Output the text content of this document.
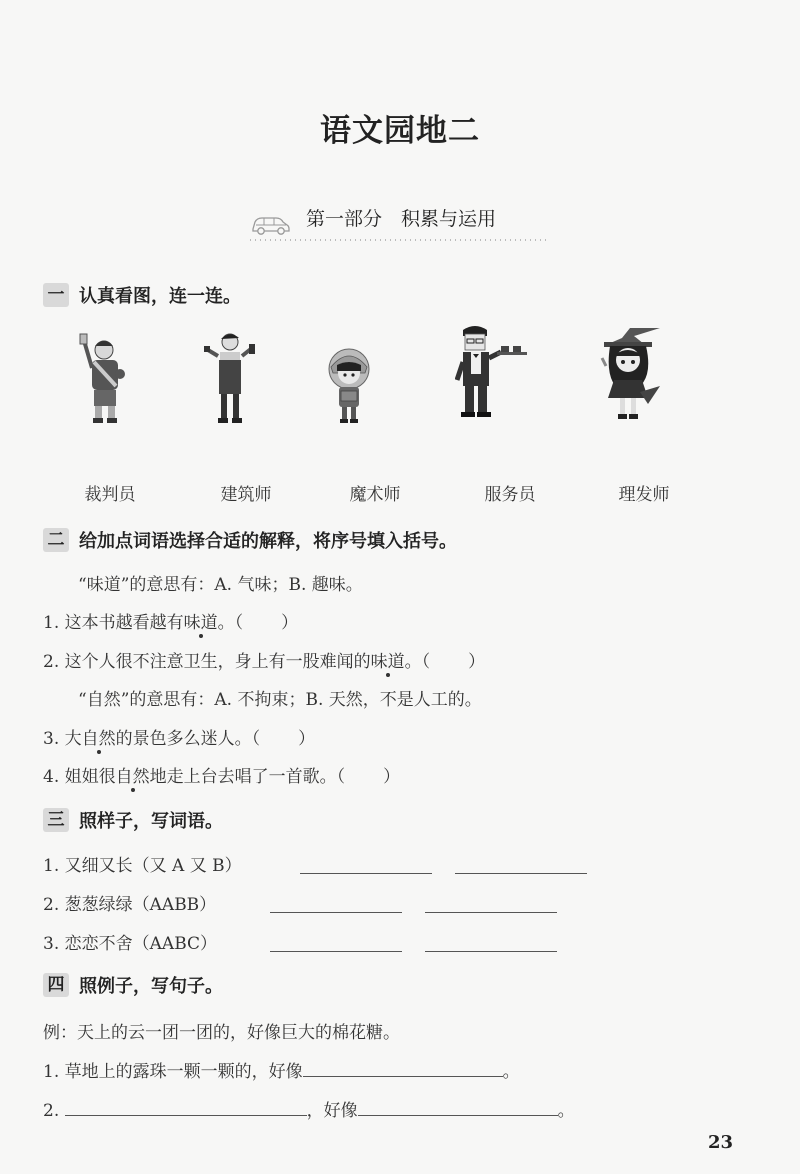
语文园地二
第一部分　积累与运用
一 认真看图，连一连。
裁判员	建筑师	魔术师	服务员	理发师
二 给加点词语选择合适的解释，将序号填入括号。
“味道”的意思有：A. 气味；B. 趣味。
1. 这本书越看越有味道。（ ）
2. 这个人很不注意卫生，身上有一股难闻的味道。（ ）
“自然”的意思有：A. 不拘束；B. 天然，不是人工的。
3. 大自然的景色多么迷人。（ ）
4. 姐姐很自然地走上台去唱了一首歌。（ ）
三 照样子，写词语。
1. 又细又长（又 A 又 B）
2. 葱葱绿绿（AABB）
3. 恋恋不舍（AABC）
四 照例子，写句子。
例：天上的云一团一团的，好像巨大的棉花糖。
1. 草地上的露珠一颗一颗的，好像	。
2.	，好像	。
23
